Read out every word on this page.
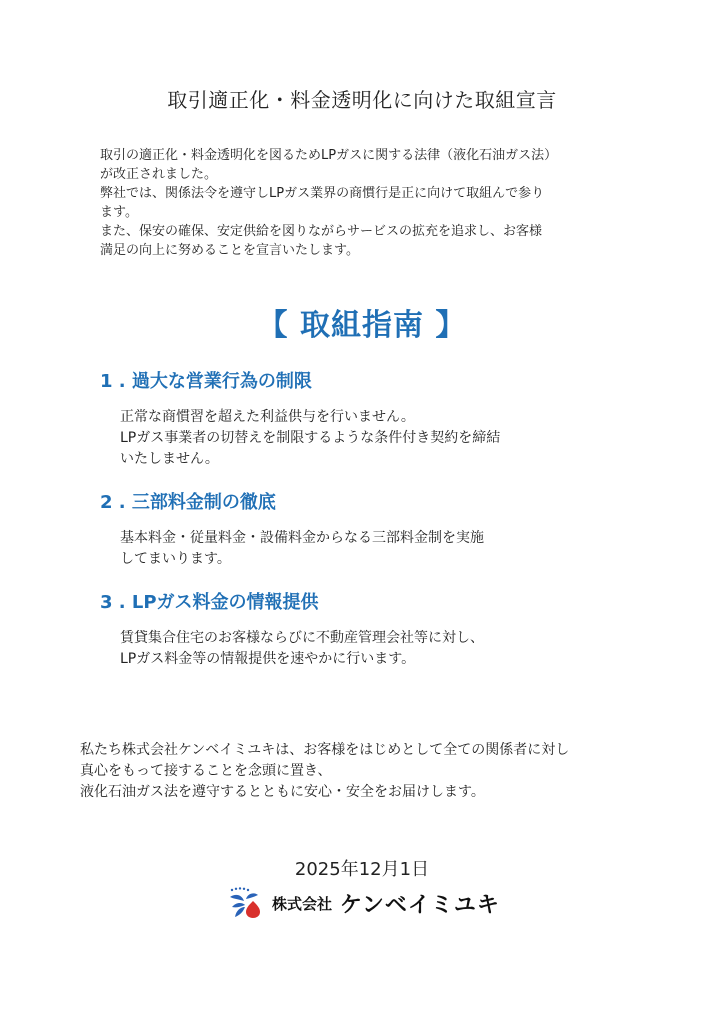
取引適正化・料金透明化に向けた取組宣言

取引の適正化・料金透明化を図るためLPガスに関する法律（液化石油ガス法）

が改正されました。

弊社では、関係法令を遵守しLPガス業界の商慣行是正に向けて取組んで参り

ます。

また、保安の確保、安定供給を図りながらサービスの拡充を追求し、お客様

満足の向上に努めることを宣言いたします。

【 取組指南 】
1 . 過大な営業行為の制限

正常な商慣習を超えた利益供与を行いません。

LPガス事業者の切替えを制限するような条件付き契約を締結

いたしません。

2 . 三部料金制の徹底

基本料金・従量料金・設備料金からなる三部料金制を実施

してまいります。

3 . LPガス料金の情報提供

賃貸集合住宅のお客様ならびに不動産管理会社等に対し、

LPガス料金等の情報提供を速やかに行います。

私たち株式会社ケンベイミユキは、お客様をはじめとして全ての関係者に対し

真心をもって接することを念頭に置き、

液化石油ガス法を遵守するとともに安心・安全をお届けします。

2025年12月1日
株式会社 ケンベイミユキ
